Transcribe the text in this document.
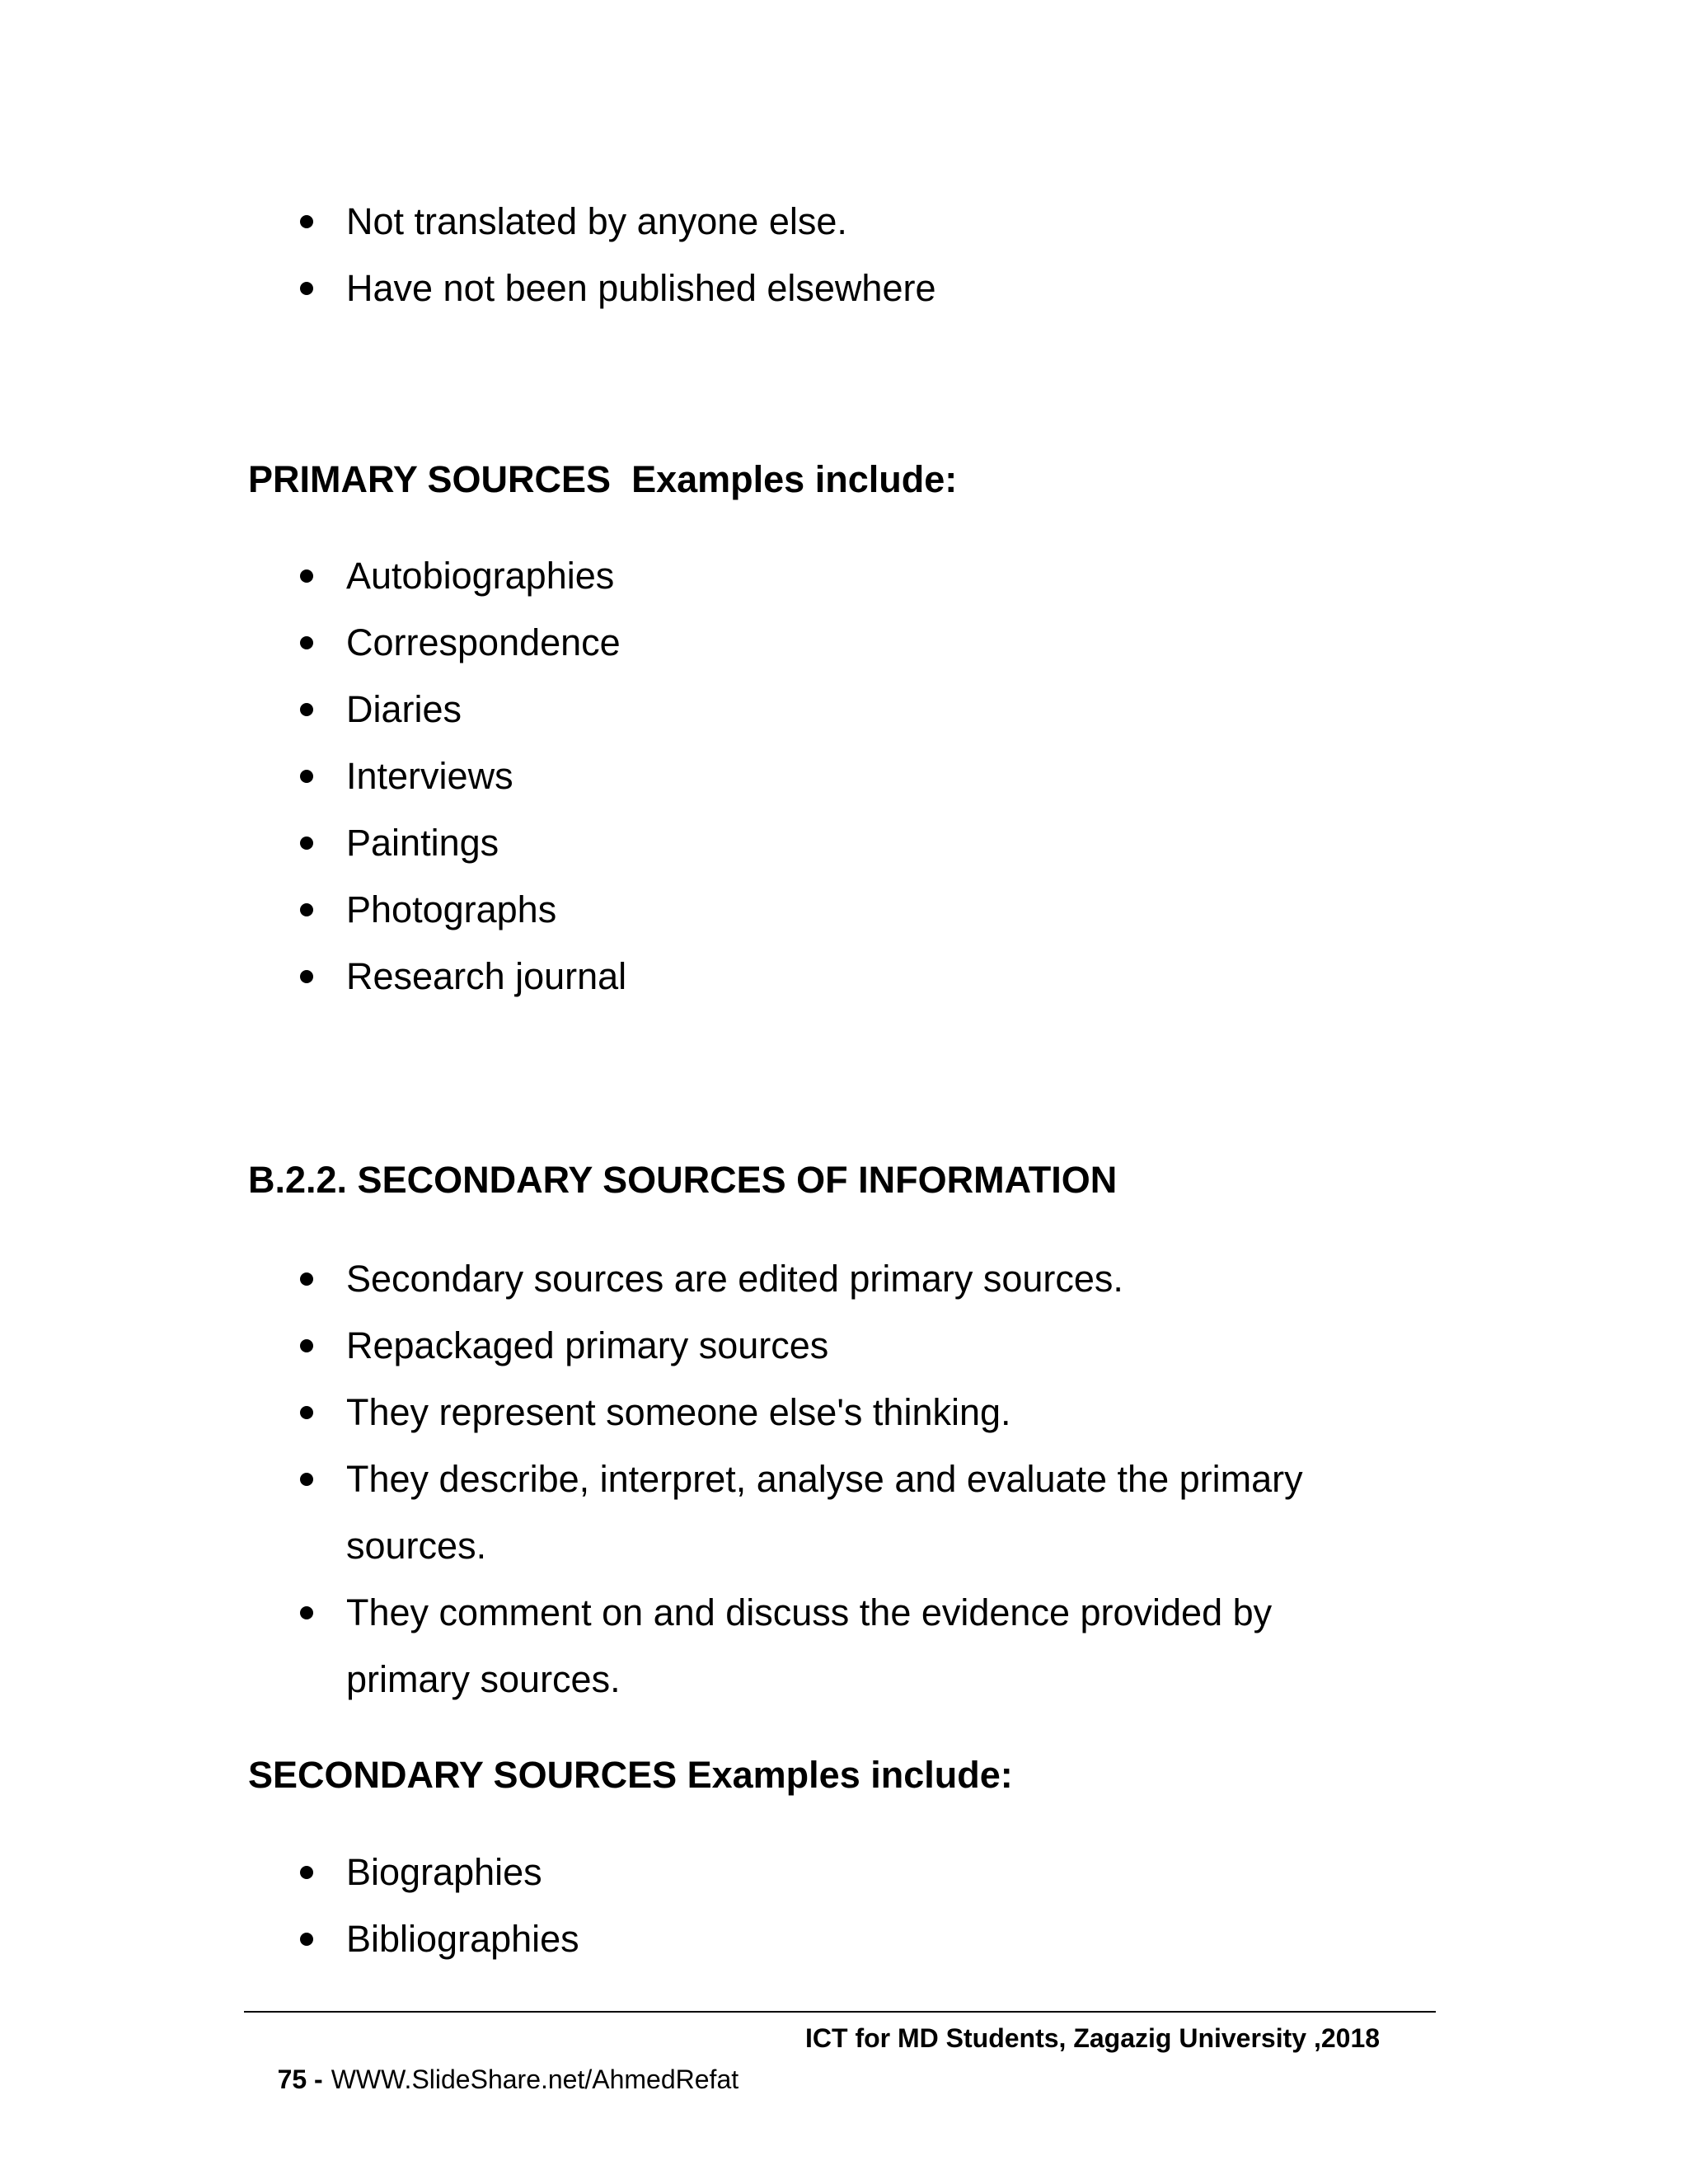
Not translated by anyone else.
Have not been published elsewhere
PRIMARY SOURCES  Examples include:
Autobiographies
Correspondence
Diaries
Interviews
Paintings
Photographs
Research journal
B.2.2. SECONDARY SOURCES OF INFORMATION
Secondary sources are edited primary sources.
Repackaged primary sources
They represent someone else's thinking.
They describe, interpret, analyse and evaluate the primary sources.
They comment on and discuss the evidence provided by primary sources.
SECONDARY SOURCES Examples include:
Biographies
Bibliographies

75 - WWW.SlideShare.net/AhmedRefat

ICT for MD Students, Zagazig University ,2018
